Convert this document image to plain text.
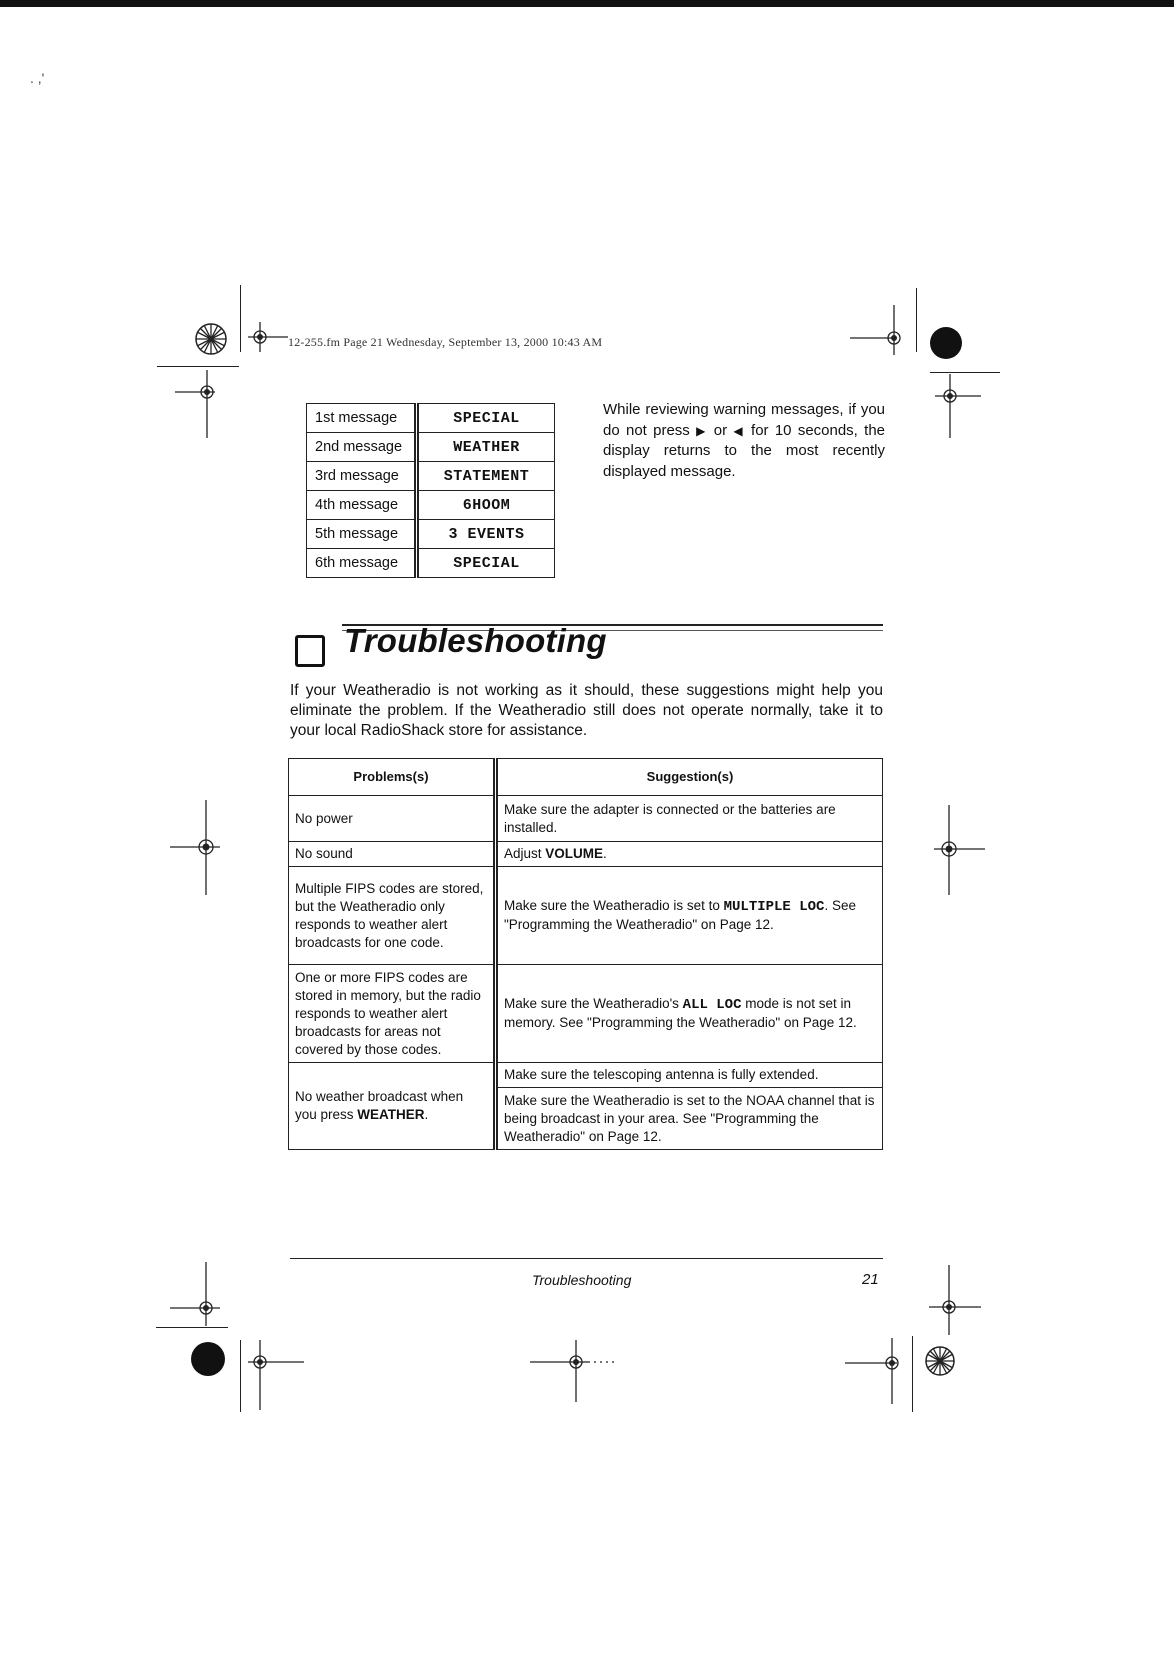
. ,'
12-255.fm Page 21 Wednesday, September 13, 2000 10:43 AM
1st message	SPECIAL
2nd message	WEATHER
3rd message	STATEMENT
4th message	6HOOM
5th message	3 EVENTS
6th message	SPECIAL
While reviewing warning messages, if you do not press ▶ or ◀ for 10 seconds, the display returns to the most recently displayed message.
Troubleshooting
If your Weatheradio is not working as it should, these suggestions might help you eliminate the problem. If the Weatheradio still does not operate normally, take it to your local RadioShack store for assistance.
Problems(s)	Suggestion(s)
No power	Make sure the adapter is connected or the batteries are installed.
No sound	Adjust VOLUME.
Multiple FIPS codes are stored, but the Weatheradio only responds to weather alert broadcasts for one code.	Make sure the Weatheradio is set to MULTIPLE LOC. See "Programming the Weatheradio" on Page 12.
One or more FIPS codes are stored in memory, but the radio responds to weather alert broadcasts for areas not covered by those codes.	Make sure the Weatheradio's ALL LOC mode is not set in memory. See "Programming the Weatheradio" on Page 12.
No weather broadcast when you press WEATHER.	Make sure the telescoping antenna is fully extended.
	Make sure the Weatheradio is set to the NOAA channel that is being broadcast in your area. See "Programming the Weatheradio" on Page 12.
Troubleshooting	21
